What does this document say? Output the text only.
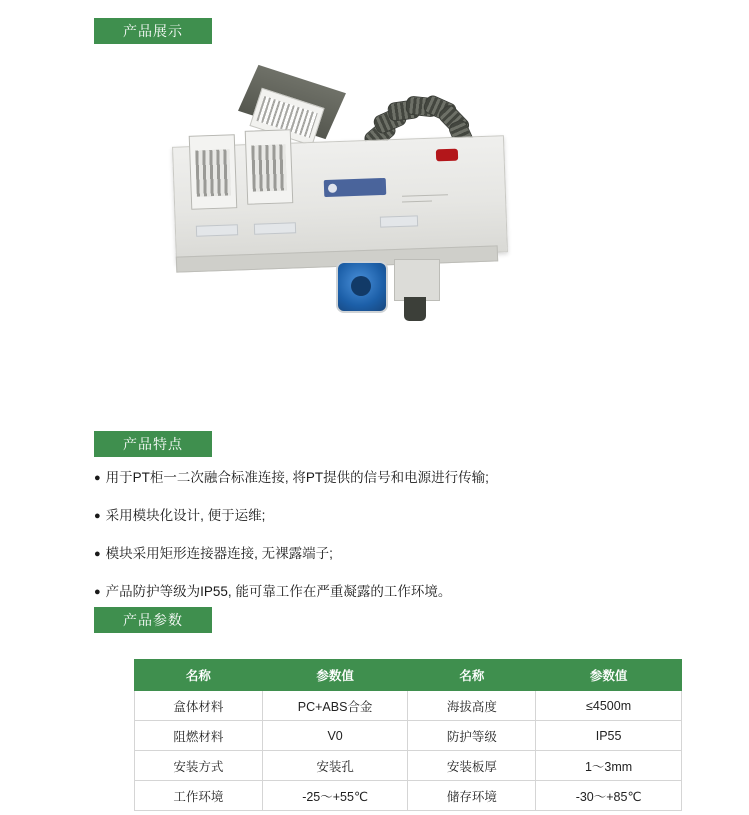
产品展示
产品特点
● 用于PT柜一二次融合标准连接, 将PT提供的信号和电源进行传输;
● 采用模块化设计, 便于运维;
● 模块采用矩形连接器连接, 无裸露端子;
● 产品防护等级为IP55, 能可靠工作在严重凝露的工作环境。
产品参数
名称	参数值	名称	参数值
盒体材料	PC+ABS合金	海拔高度	≤4500m
阻燃材料	V0	防护等级	IP55
安装方式	安装孔	安装板厚	1～3mm
工作环境	-25～+55℃	储存环境	-30～+85℃
